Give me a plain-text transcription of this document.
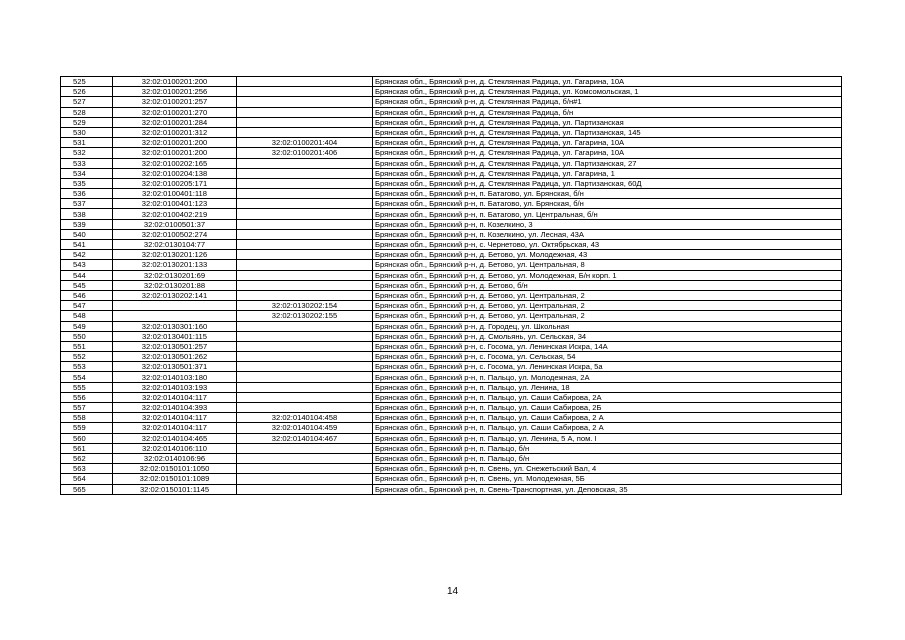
525	32:02:0100201:200		Брянская обл., Брянский р-н, д. Стеклянная Радица, ул. Гагарина, 10А
526	32:02:0100201:256		Брянская обл., Брянский р-н, д. Стеклянная Радица, ул. Комсомольская, 1
527	32:02:0100201:257		Брянская обл., Брянский р-н, д. Стеклянная Радица, б/н#1
528	32:02:0100201:270		Брянская обл., Брянский р-н, д. Стеклянная Радица, б/н
529	32:02:0100201:284		Брянская обл., Брянский р-н, д. Стеклянная Радица, ул. Партизанская
530	32:02:0100201:312		Брянская обл., Брянский р-н, д. Стеклянная Радица, ул. Партизанская, 145
531	32:02:0100201:200	32:02:0100201:404	Брянская обл., Брянский р-н, д. Стеклянная Радица, ул. Гагарина, 10А
532	32:02:0100201:200	32:02:0100201:406	Брянская обл., Брянский р-н, д. Стеклянная Радица, ул. Гагарина, 10А
533	32:02:0100202:165		Брянская обл., Брянский р-н, д. Стеклянная Радица, ул. Партизанская, 27
534	32:02:0100204:138		Брянская обл., Брянский р-н, д. Стеклянная Радица, ул. Гагарина, 1
535	32:02:0100205:171		Брянская обл., Брянский р-н, д. Стеклянная Радица, ул. Партизанская, 60Д
536	32:02:0100401:118		Брянская обл., Брянский р-н, п. Батагово, ул. Брянская, б/н
537	32:02:0100401:123		Брянская обл., Брянский р-н, п. Батагово, ул. Брянская, б/н
538	32:02:0100402:219		Брянская обл., Брянский р-н, п. Батагово, ул. Центральная, б/н
539	32:02:0100501:37		Брянская обл., Брянский р-н, п. Козелкино, 3
540	32:02:0100502:274		Брянская обл., Брянский р-н, п. Козелкино, ул. Лесная, 43А
541	32:02:0130104:77		Брянская обл., Брянский р-н, с. Чернетово, ул. Октябрьская, 43
542	32:02:0130201:126		Брянская обл., Брянский р-н, д. Бетово, ул. Молодежная, 43
543	32:02:0130201:133		Брянская обл., Брянский р-н, д. Бетово, ул. Центральная, 8
544	32:02:0130201:69		Брянская обл., Брянский р-н, д. Бетово, ул. Молодежная, Б/н корп. 1
545	32:02:0130201:88		Брянская обл., Брянский р-н, д. Бетово, б/н
546	32:02:0130202:141		Брянская обл., Брянский р-н, д. Бетово, ул. Центральная, 2
547		32:02:0130202:154	Брянская обл., Брянский р-н, д. Бетово, ул. Центральная, 2
548		32:02:0130202:155	Брянская обл., Брянский р-н, д. Бетово, ул. Центральная, 2
549	32:02:0130301:160		Брянская обл., Брянский р-н, д. Городец, ул. Школьная
550	32:02:0130401:115		Брянская обл., Брянский р-н, д. Смольянь, ул. Сельская, 34
551	32:02:0130501:257		Брянская обл., Брянский р-н, с. Госома, ул. Ленинская Искра, 14А
552	32:02:0130501:262		Брянская обл., Брянский р-н, с. Госома, ул. Сельская, 54
553	32:02:0130501:371		Брянская обл., Брянский р-н, с. Госома, ул. Ленинская Искра, 5а
554	32:02:0140103:180		Брянская обл., Брянский р-н, п. Пальцо, ул. Молодежная, 2А
555	32:02:0140103:193		Брянская обл., Брянский р-н, п. Пальцо, ул. Ленина, 18
556	32:02:0140104:117		Брянская обл., Брянский р-н, п. Пальцо, ул. Саши Сабирова, 2А
557	32:02:0140104:393		Брянская обл., Брянский р-н, п. Пальцо, ул. Саши Сабирова, 2Б
558	32:02:0140104:117	32:02:0140104:458	Брянская обл., Брянский р-н, п. Пальцо, ул. Саши Сабирова, 2 А
559	32:02:0140104:117	32:02:0140104:459	Брянская обл., Брянский р-н, п. Пальцо, ул. Саши Сабирова, 2 А
560	32:02:0140104:465	32:02:0140104:467	Брянская обл., Брянский р-н, п. Пальцо, ул. Ленина, 5 А, пом. I
561	32:02:0140106:110		Брянская обл., Брянский р-н, п. Пальцо, б/н
562	32:02:0140106:96		Брянская обл., Брянский р-н, п. Пальцо, б/н
563	32:02:0150101:1050		Брянская обл., Брянский р-н, п. Свень, ул. Снежетьский Вал, 4
564	32:02:0150101:1089		Брянская обл., Брянский р-н, п. Свень, ул. Молодежная, 5Б
565	32:02:0150101:1145		Брянская обл., Брянский р-н, п. Свень-Транспортная, ул. Деповская, 35
14
